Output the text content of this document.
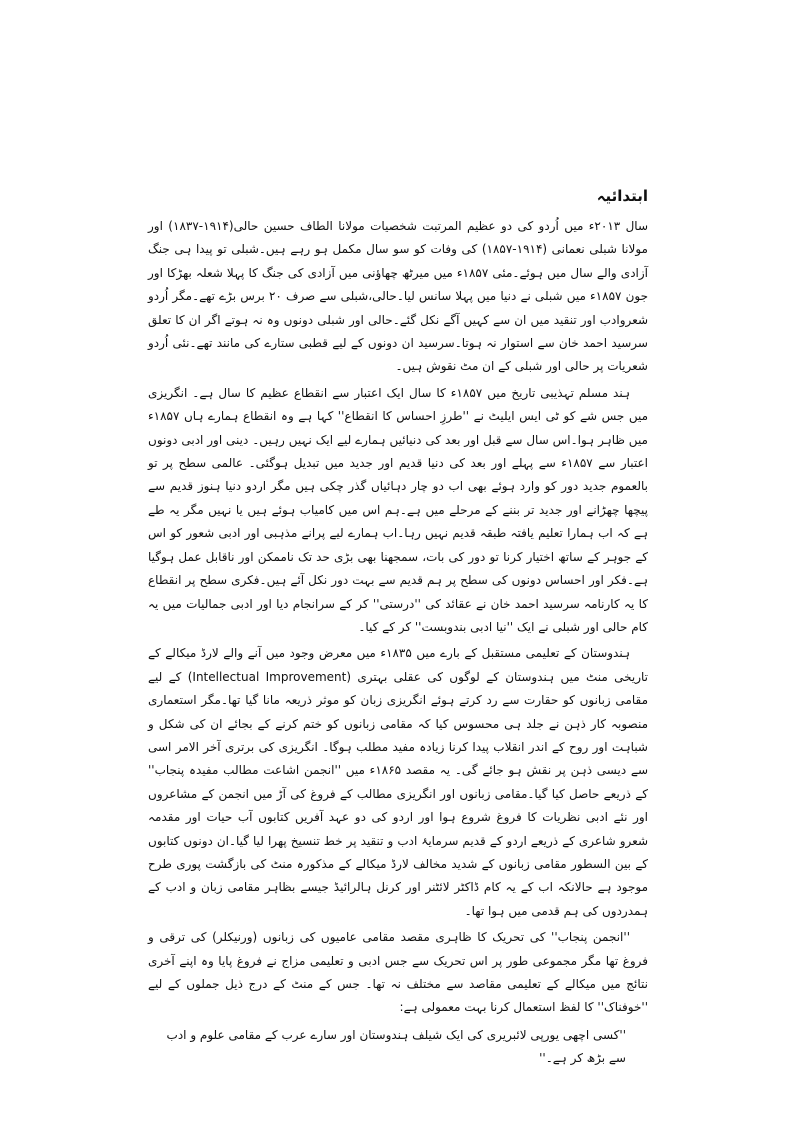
ابتدائیہ

سال ۲۰۱۳ء میں اُردو کی دو عظیم المرتبت شخصیات مولانا الطاف حسین حالی(۱۹۱۴-۱۸۳۷) اور مولانا شبلی نعمانی (۱۹۱۴-۱۸۵۷) کی وفات کو سو سال مکمل ہو رہے ہیں۔شبلی تو پیدا ہی جنگ آزادی والے سال میں ہوئے۔مئی ۱۸۵۷ء میں میرٹھ چھاؤنی میں آزادی کی جنگ کا پہلا شعلہ بھڑکا اور جون ۱۸۵۷ء میں شبلی نے دنیا میں پہلا سانس لیا۔حالی،شبلی سے صرف ۲۰ برس بڑے تھے۔مگر اُردو شعروادب اور تنقید میں ان سے کہیں آگے نکل گئے۔حالی اور شبلی دونوں وہ نہ ہوتے اگر ان کا تعلق سرسید احمد خان سے استوار نہ ہوتا۔سرسید ان دونوں کے لیے قطبی ستارے کی مانند تھے۔نئی اُردو شعریات پر حالی اور شبلی کے ان مٹ نقوش ہیں۔

ہند مسلم تہذیبی تاریخ میں ۱۸۵۷ء کا سال ایک اعتبار سے انقطاع عظیم کا سال ہے۔ انگریزی میں جس شے کو ٹی ایس ایلیٹ نے ''طرزِ احساس کا انقطاع'' کہا ہے وہ انقطاع ہمارے ہاں ۱۸۵۷ء میں ظاہر ہوا۔اس سال سے قبل اور بعد کی دنیائیں ہمارے لیے ایک نہیں رہیں۔ دینی اور ادبی دونوں اعتبار سے ۱۸۵۷ء سے پہلے اور بعد کی دنیا قدیم اور جدید میں تبدیل ہوگئی۔ عالمی سطح پر تو بالعموم جدید دور کو وارد ہوئے بھی اب دو چار دہائیاں گذر چکی ہیں مگر اردو دنیا ہنوز قدیم سے پیچھا چھڑانے اور جدید تر بننے کے مرحلے میں ہے۔ہم اس میں کامیاب ہوئے ہیں یا نہیں مگر یہ طے ہے کہ اب ہمارا تعلیم یافتہ طبقہ قدیم نہیں رہا۔اب ہمارے لیے پرانے مذہبی اور ادبی شعور کو اس کے جوہر کے ساتھ اختیار کرنا تو دور کی بات، سمجھنا بھی بڑی حد تک ناممکن اور ناقابل عمل ہوگیا ہے۔فکر اور احساس دونوں کی سطح پر ہم قدیم سے بہت دور نکل آئے ہیں۔فکری سطح پر انقطاع کا یہ کارنامہ سرسید احمد خان نے عقائد کی ''درستی'' کر کے سرانجام دیا اور ادبی جمالیات میں یہ کام حالی اور شبلی نے ایک ''نیا ادبی بندوبست'' کر کے کیا۔

ہندوستان کے تعلیمی مستقبل کے بارے میں ۱۸۳۵ء میں معرض وجود میں آنے والے لارڈ میکالے کے تاریخی منٹ میں ہندوستان کے لوگوں کی عقلی بہتری (Intellectual Improvement) کے لیے مقامی زبانوں کو حقارت سے رد کرتے ہوئے انگریزی زبان کو موثر ذریعہ مانا گیا تھا۔مگر استعماری منصوبہ کار ذہن نے جلد ہی محسوس کیا کہ مقامی زبانوں کو ختم کرنے کے بجائے ان کی شکل و شباہت اور روح کے اندر انقلاب پیدا کرنا زیادہ مفید مطلب ہوگا۔ انگریزی کی برتری آخر الامر اسی سے دیسی ذہن پر نقش ہو جائے گی۔ یہ مقصد ۱۸۶۵ء میں ''انجمن اشاعت مطالب مفیدہ پنجاب'' کے ذریعے حاصل کیا گیا۔مقامی زبانوں اور انگریزی مطالب کے فروغ کی آڑ میں انجمن کے مشاعروں اور نئے ادبی نظریات کا فروغ شروع ہوا اور اردو کی دو عہد آفریں کتابوں آب حیات اور مقدمہ شعرو شاعری کے ذریعے اردو کے قدیم سرمایۂ ادب و تنقید پر خط تنسیخ پھرا لیا گیا۔ان دونوں کتابوں کے بین السطور مقامی زبانوں کے شدید مخالف لارڈ میکالے کے مذکورہ منٹ کی بازگشت پوری طرح موجود ہے حالانکہ اب کے یہ کام ڈاکٹر لائٹنر اور کرنل ہالرائیڈ جیسے بظاہر مقامی زبان و ادب کے ہمدردوں کی ہم قدمی میں ہوا تھا۔

''انجمن پنجاب'' کی تحریک کا ظاہری مقصد مقامی عامیوں کی زبانوں (ورنیکلر) کی ترقی و فروغ تھا مگر مجموعی طور پر اس تحریک سے جس ادبی و تعلیمی مزاج نے فروغ پایا وہ اپنے آخری نتائج میں میکالے کے تعلیمی مقاصد سے مختلف نہ تھا۔ جس کے منٹ کے درج ذیل جملوں کے لیے ''خوفناک'' کا لفظ استعمال کرنا بہت معمولی ہے:

''کسی اچھی یورپی لائبریری کی ایک شیلف ہندوستان اور سارے عرب کے مقامی علوم و ادب سے بڑھ کر ہے۔''
